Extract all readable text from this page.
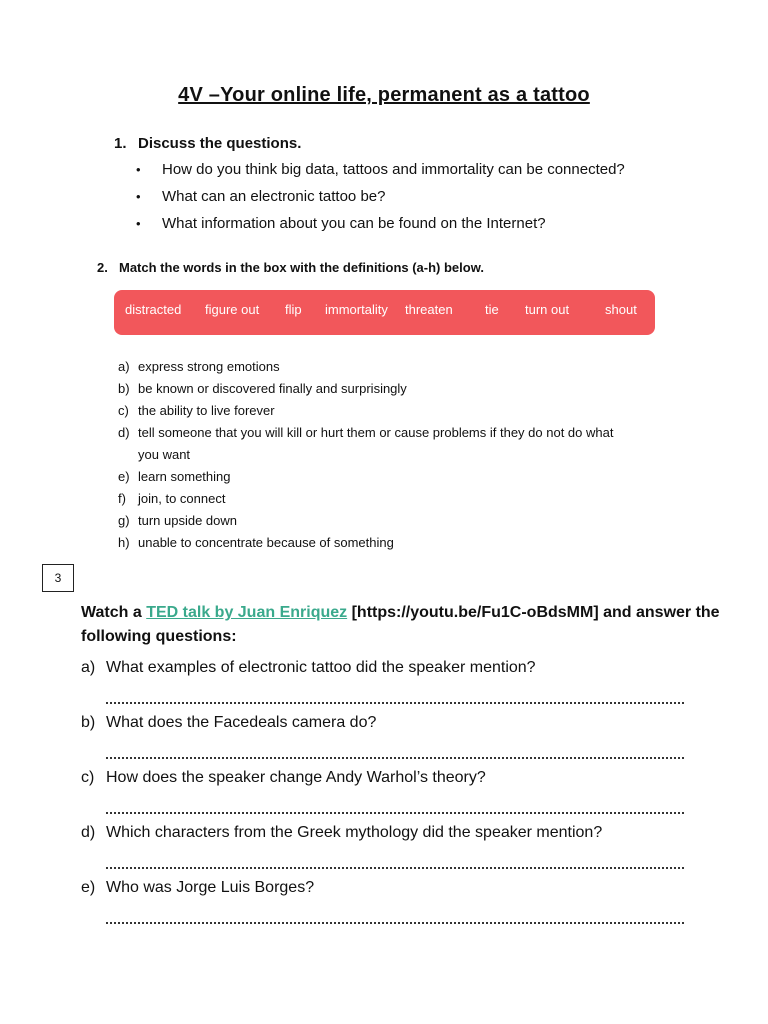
4V –Your online life, permanent as a tattoo
1. Discuss the questions.
• How do you think big data, tattoos and immortality can be connected?
• What can an electronic tattoo be?
• What information about you can be found on the Internet?
2. Match the words in the box with the definitions (a-h) below.
distracted figure out flip immortality threaten tie turn out	shout
a) express strong emotions
b) be known or discovered finally and surprisingly
c) the ability to live forever
d) tell someone that you will kill or hurt them or cause problems if they do not do what you want
e) learn something
f) join, to connect
g) turn upside down
h) unable to concentrate because of something
3
Watch a TED talk by Juan Enriquez [https://youtu.be/Fu1C-oBdsMM] and answer the following questions:
a) What examples of electronic tattoo did the speaker mention?
b) What does the Facedeals camera do?
c) How does the speaker change Andy Warhol’s theory?
d) Which characters from the Greek mythology did the speaker mention?
e) Who was Jorge Luis Borges?
